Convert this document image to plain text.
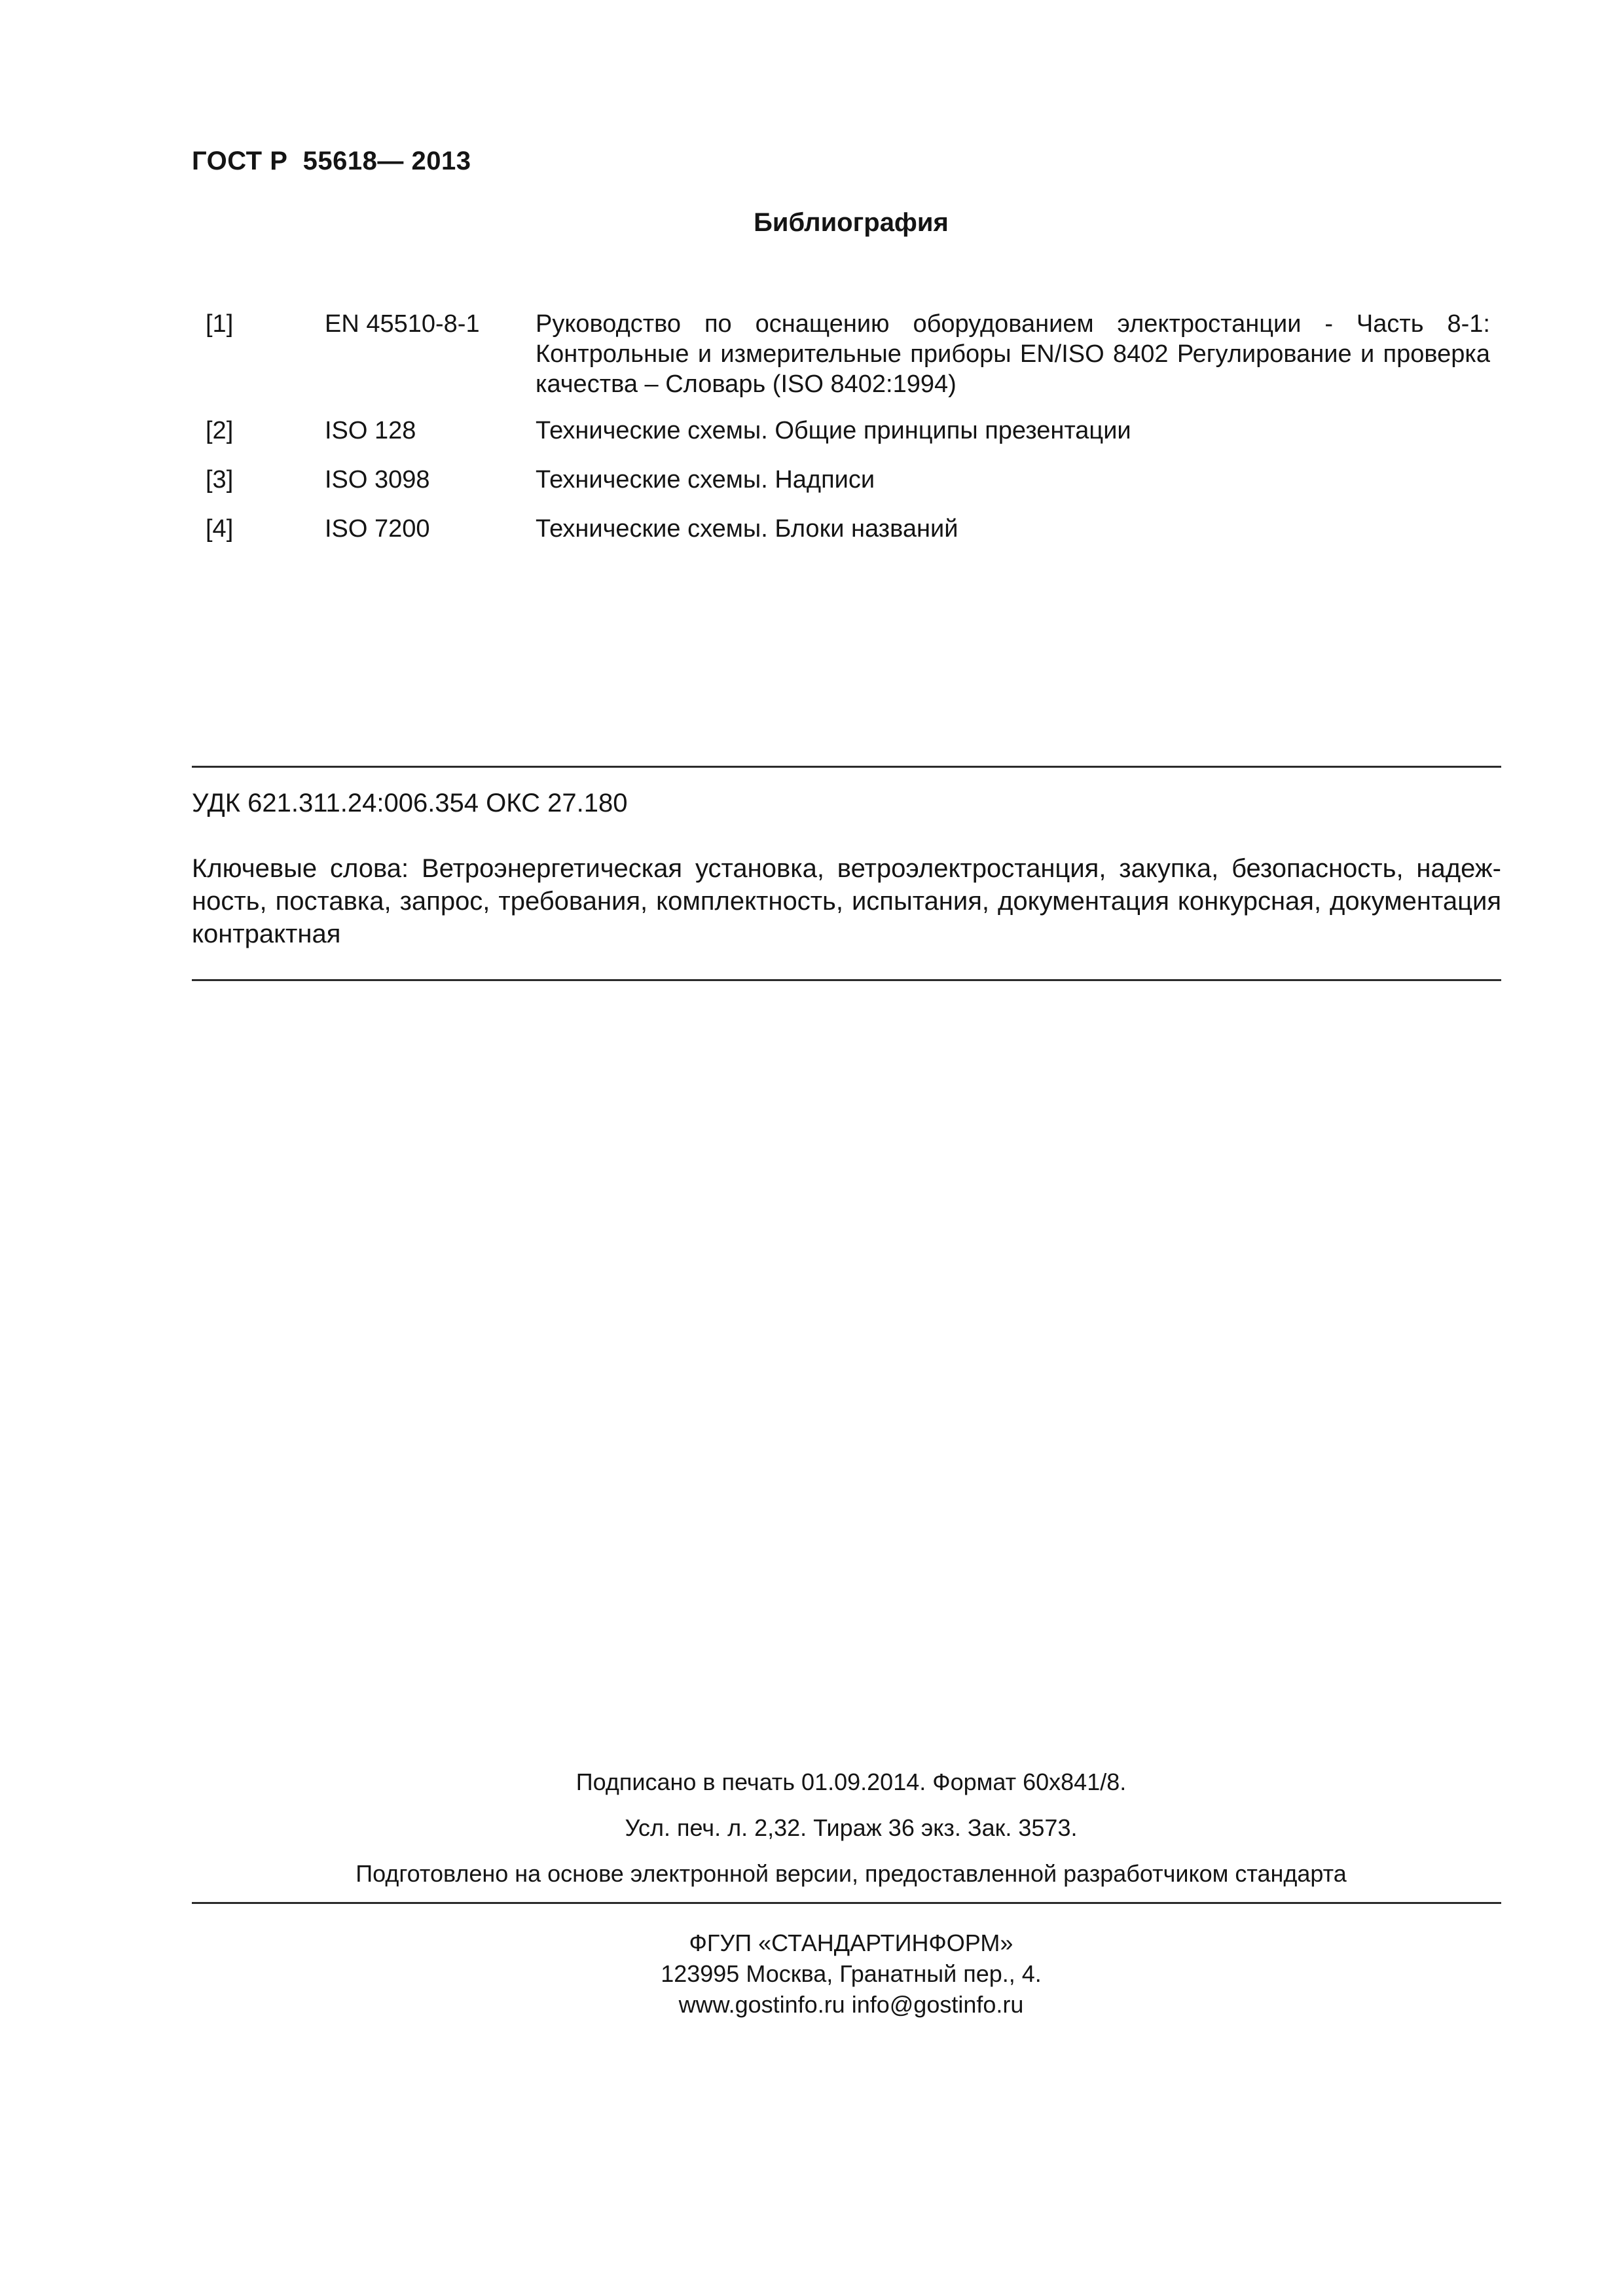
ГОСТ Р  55618— 2013
Библиография
[1]	EN 45510-8-1 Руководство по оснащению оборудованием электростанции - Часть 8-1: Контрольные и измерительные приборы EN/ISO 8402 Регулирование и проверка качества – Словарь (ISO 8402:1994)
[2]	ISO 128	Технические схемы. Общие принципы презентации
[3]	ISO 3098	Технические схемы. Надписи
[4]	ISO 7200	Технические схемы. Блоки названий
УДК 621.311.24:006.354 ОКС 27.180
Ключевые слова: Ветроэнергетическая установка, ветроэлектростанция, закупка, безопасность, надежность, поставка, запрос, требования, комплектность, испытания, документация конкурсная, документация контрактная
Подписано в печать 01.09.2014. Формат 60x841/8.
Усл. печ. л. 2,32. Тираж 36 экз. Зак. 3573.
Подготовлено на основе электронной версии, предоставленной разработчиком стандарта
ФГУП «СТАНДАРТИНФОРМ»
123995 Москва, Гранатный пер., 4.
www.gostinfo.ru info@gostinfo.ru
